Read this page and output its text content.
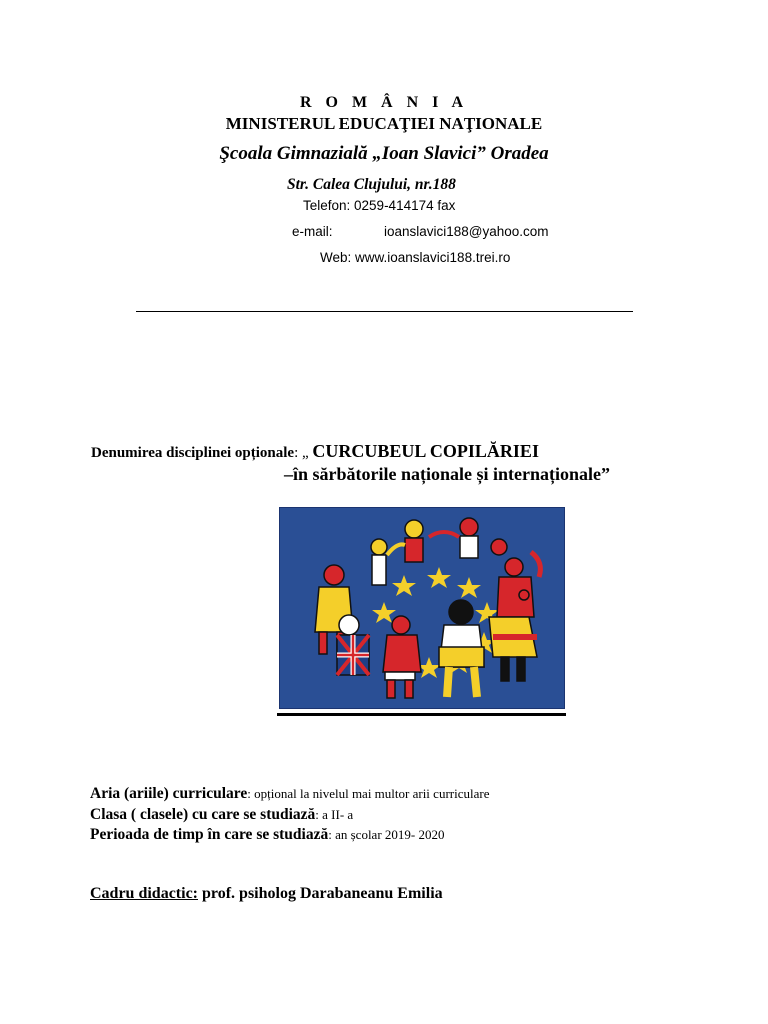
R O M Â N I A
MINISTERUL EDUCAŢIEI NAŢIONALE
Şcoala Gimnazială „Ioan Slavici” Oradea
Str. Calea Clujului, nr.188
Telefon: 0259-414174 fax
e-mail:	ioanslavici188@yahoo.com
Web: www.ioanslavici188.trei.ro
Denumirea disciplinei opționale: „ CURCUBEUL COPILĂRIEI
–în sărbătorile naționale și internaționale”
Aria (ariile) curriculare: opțional la nivelul mai multor arii curriculare
Clasa ( clasele) cu care se studiază: a II- a
Perioada de timp în care se studiază: an școlar 2019- 2020
Cadru didactic: prof. psiholog Darabaneanu Emilia
